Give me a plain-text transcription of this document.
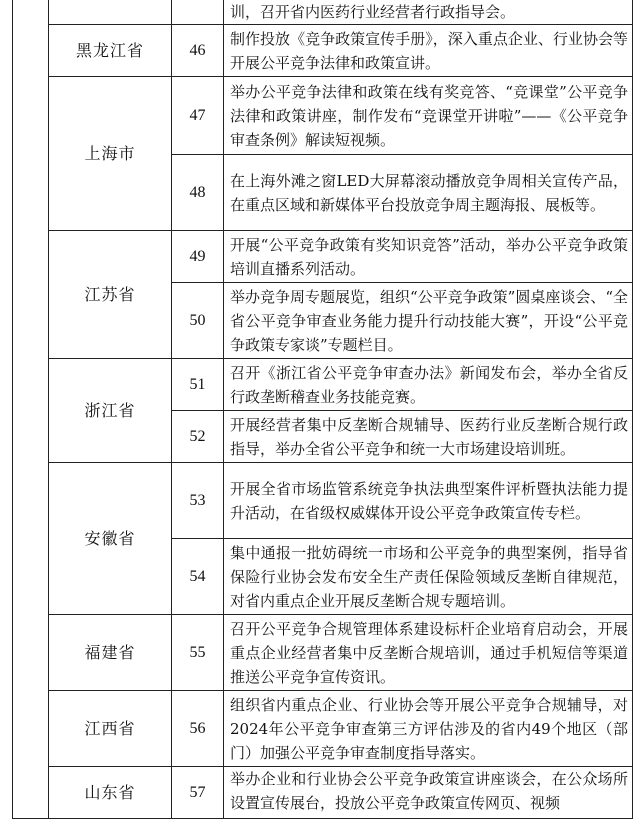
			训，召开省内医药行业经营者行政指导会。
	黑龙江省	46	制作投放《竞争政策宣传手册》，深入重点企业、行业协会等开展公平竞争法律和政策宣讲。
	上海市	47	举办公平竞争法律和政策在线有奖竞答、“竞课堂”公平竞争法律和政策讲座，制作发布“竞课堂开讲啦”——《公平竞争审查条例》解读短视频。
		48	在上海外滩之窗LED大屏幕滚动播放竞争周相关宣传产品，在重点区域和新媒体平台投放竞争周主题海报、展板等。
	江苏省	49	开展“公平竞争政策有奖知识竞答”活动，举办公平竞争政策培训直播系列活动。
		50	举办竞争周专题展览，组织“公平竞争政策”圆桌座谈会、“全省公平竞争审查业务能力提升行动技能大赛”，开设“公平竞争政策专家谈”专题栏目。
	浙江省	51	召开《浙江省公平竞争审查办法》新闻发布会，举办全省反行政垄断稽查业务技能竞赛。
		52	开展经营者集中反垄断合规辅导、医药行业反垄断合规行政指导，举办全省公平竞争和统一大市场建设培训班。
	安徽省	53	开展全省市场监管系统竞争执法典型案件评析暨执法能力提升活动，在省级权威媒体开设公平竞争政策宣传专栏。
		54	集中通报一批妨碍统一市场和公平竞争的典型案例，指导省保险行业协会发布安全生产责任保险领域反垄断自律规范，对省内重点企业开展反垄断合规专题培训。
	福建省	55	召开公平竞争合规管理体系建设标杆企业培育启动会，开展重点企业经营者集中反垄断合规培训，通过手机短信等渠道推送公平竞争宣传资讯。
	江西省	56	组织省内重点企业、行业协会等开展公平竞争合规辅导，对2024年公平竞争审查第三方评估涉及的省内49个地区（部门）加强公平竞争审查制度指导落实。
	山东省	57	举办企业和行业协会公平竞争政策宣讲座谈会，在公众场所设置宣传展台，投放公平竞争政策宣传网页、视频
